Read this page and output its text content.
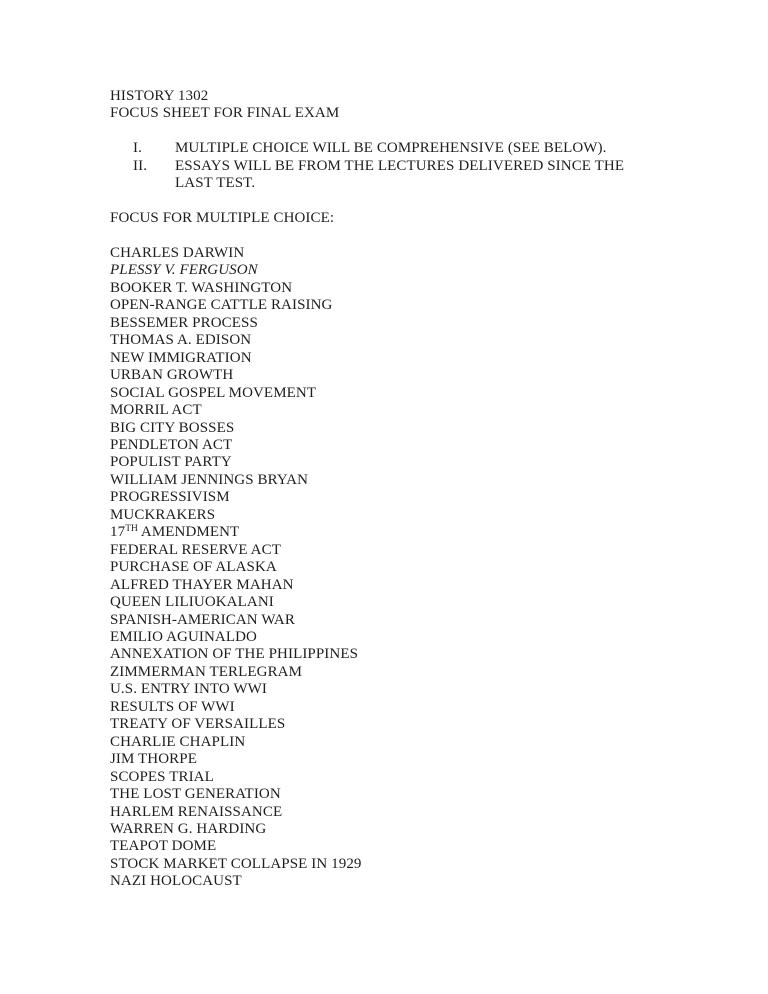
HISTORY 1302
FOCUS SHEET FOR FINAL EXAM
I.	MULTIPLE CHOICE WILL BE COMPREHENSIVE (SEE BELOW).
II.	ESSAYS WILL BE FROM THE LECTURES DELIVERED SINCE THE LAST TEST.
FOCUS FOR MULTIPLE CHOICE:
CHARLES DARWIN
PLESSY V. FERGUSON
BOOKER T. WASHINGTON
OPEN-RANGE CATTLE RAISING
BESSEMER PROCESS
THOMAS A. EDISON
NEW IMMIGRATION
URBAN GROWTH
SOCIAL GOSPEL MOVEMENT
MORRIL ACT
BIG CITY BOSSES
PENDLETON ACT
POPULIST PARTY
WILLIAM JENNINGS BRYAN
PROGRESSIVISM
MUCKRAKERS
17TH AMENDMENT
FEDERAL RESERVE ACT
PURCHASE OF ALASKA
ALFRED THAYER MAHAN
QUEEN LILIUOKALANI
SPANISH-AMERICAN WAR
EMILIO AGUINALDO
ANNEXATION OF THE PHILIPPINES
ZIMMERMAN TERLEGRAM
U.S. ENTRY INTO WWI
RESULTS OF WWI
TREATY OF VERSAILLES
CHARLIE CHAPLIN
JIM THORPE
SCOPES TRIAL
THE LOST GENERATION
HARLEM RENAISSANCE
WARREN G. HARDING
TEAPOT DOME
STOCK MARKET COLLAPSE IN 1929
NAZI HOLOCAUST
